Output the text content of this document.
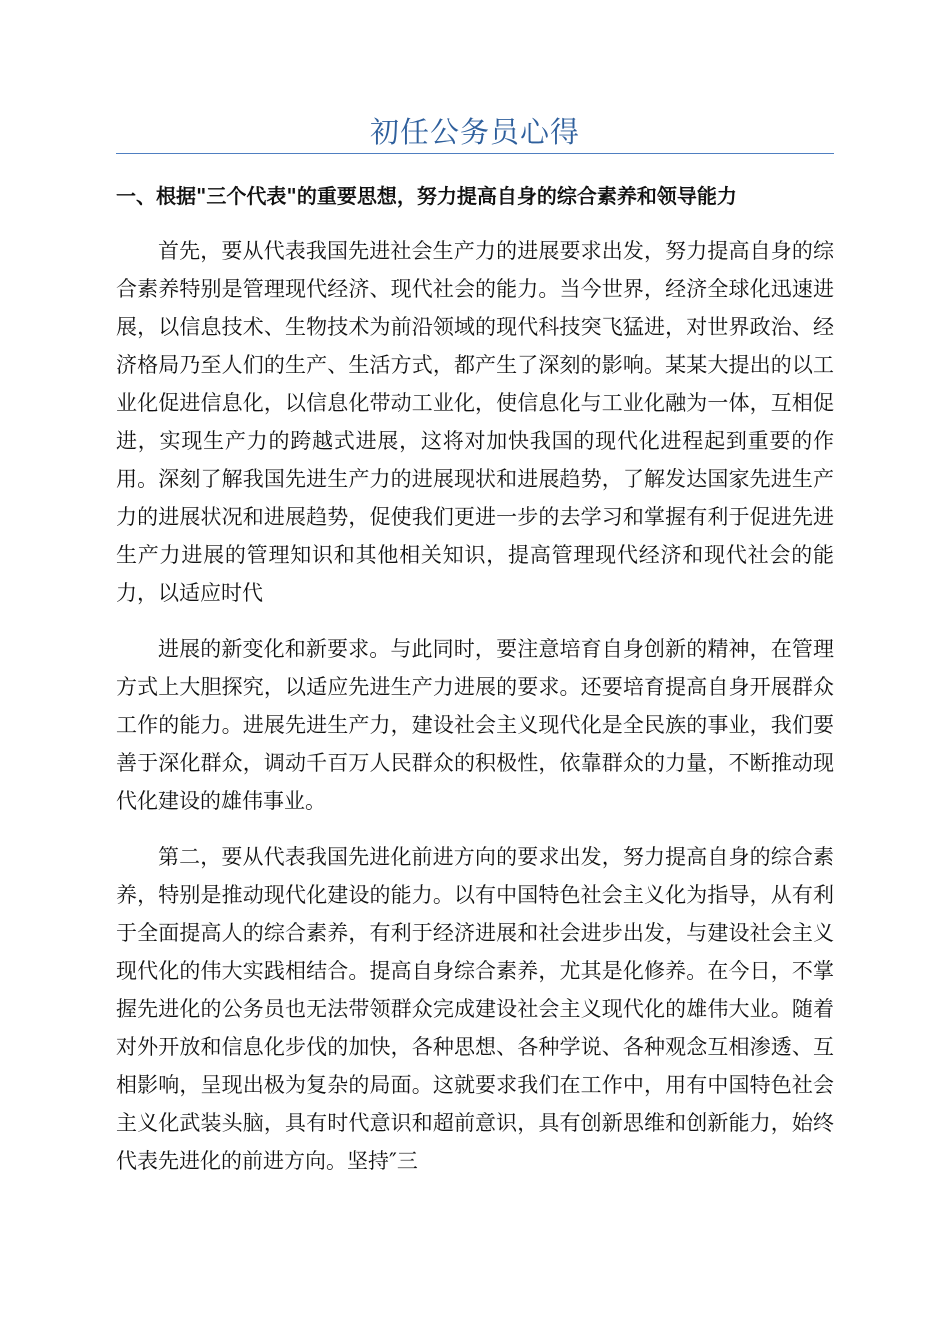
初任公务员心得
一、根据"三个代表"的重要思想，努力提高自身的综合素养和领导能力

首先，要从代表我国先进社会生产力的进展要求出发，努力提高自身的综合素养特别是管理现代经济、现代社会的能力。当今世界，经济全球化迅速进展，以信息技术、生物技术为前沿领域的现代科技突飞猛进，对世界政治、经济格局乃至人们的生产、生活方式，都产生了深刻的影响。某某大提出的以工业化促进信息化，以信息化带动工业化，使信息化与工业化融为一体，互相促进，实现生产力的跨越式进展，这将对加快我国的现代化进程起到重要的作用。深刻了解我国先进生产力的进展现状和进展趋势，了解发达国家先进生产力的进展状况和进展趋势，促使我们更进一步的去学习和掌握有利于促进先进生产力进展的管理知识和其他相关知识，提高管理现代经济和现代社会的能力，以适应时代

进展的新变化和新要求。与此同时，要注意培育自身创新的精神，在管理方式上大胆探究，以适应先进生产力进展的要求。还要培育提高自身开展群众工作的能力。进展先进生产力，建设社会主义现代化是全民族的事业，我们要善于深化群众，调动千百万人民群众的积极性，依靠群众的力量，不断推动现代化建设的雄伟事业。

第二，要从代表我国先进化前进方向的要求出发，努力提高自身的综合素养，特别是推动现代化建设的能力。以有中国特色社会主义化为指导，从有利于全面提高人的综合素养，有利于经济进展和社会进步出发，与建设社会主义现代化的伟大实践相结合。提高自身综合素养，尤其是化修养。在今日，不掌握先进化的公务员也无法带领群众完成建设社会主义现代化的雄伟大业。随着对外开放和信息化步伐的加快，各种思想、各种学说、各种观念互相渗透、互相影响，呈现出极为复杂的局面。这就要求我们在工作中，用有中国特色社会主义化武装头脑，具有时代意识和超前意识，具有创新思维和创新能力，始终代表先进化的前进方向。坚持″三
